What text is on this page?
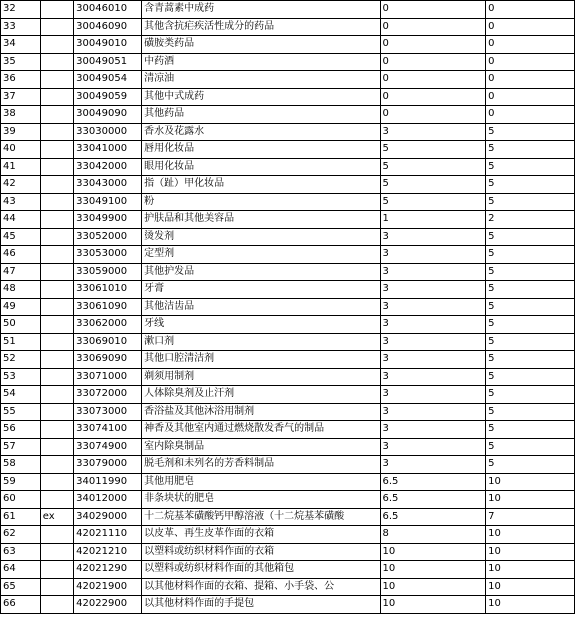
32		30046010	含青蒿素中成药	0	0
33		30046090	其他含抗疟疾活性成分的药品	0	0
34		30049010	磺胺类药品	0	0
35		30049051	中药酒	0	0
36		30049054	清凉油	0	0
37		30049059	其他中式成药	0	0
38		30049090	其他药品	0	0
39		33030000	香水及花露水	3	5
40		33041000	唇用化妆品	5	5
41		33042000	眼用化妆品	5	5
42		33043000	指（趾）甲化妆品	5	5
43		33049100	粉	5	5
44		33049900	护肤品和其他美容品	1	2
45		33052000	烫发剂	3	5
46		33053000	定型剂	3	5
47		33059000	其他护发品	3	5
48		33061010	牙膏	3	5
49		33061090	其他洁齿品	3	5
50		33062000	牙线	3	5
51		33069010	漱口剂	3	5
52		33069090	其他口腔清洁剂	3	5
53		33071000	剃须用制剂	3	5
54		33072000	人体除臭剂及止汗剂	3	5
55		33073000	香浴盐及其他沐浴用制剂	3	5
56		33074100	神香及其他室内通过燃烧散发香气的制品	3	5
57		33074900	室内除臭制品	3	5
58		33079000	脱毛剂和未列名的芳香料制品	3	5
59		34011990	其他用肥皂	6.5	10
60		34012000	非条块状的肥皂	6.5	10
61	ex	34029000	十二烷基苯磺酸钙甲醇溶液（十二烷基苯磺酸	6.5	7
62		42021110	以皮革、再生皮革作面的衣箱	8	10
63		42021210	以塑料或纺织材料作面的衣箱	10	10
64		42021290	以塑料或纺织材料作面的其他箱包	10	10
65		42021900	以其他材料作面的衣箱、提箱、小手袋、公	10	10
66		42022900	以其他材料作面的手提包	10	10
